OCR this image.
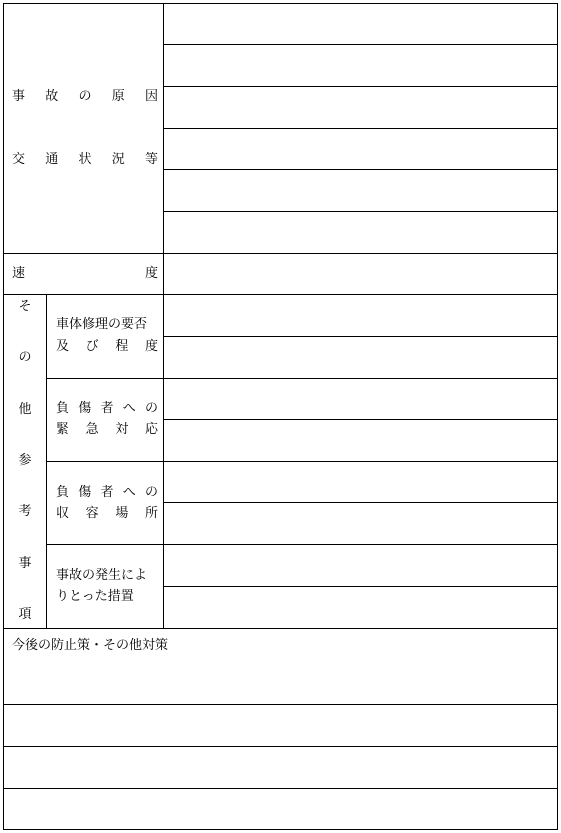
事 故 の 原 因
交 通 状 況 等
速	度
そ
の
他
参
考
事
項
車体修理の要否
及 び 程 度
負 傷 者 へ の
緊 急 対 応
負 傷 者 へ の
収 容 場 所
事故の発生によ
りとった措置
今後の防止策・その他対策
